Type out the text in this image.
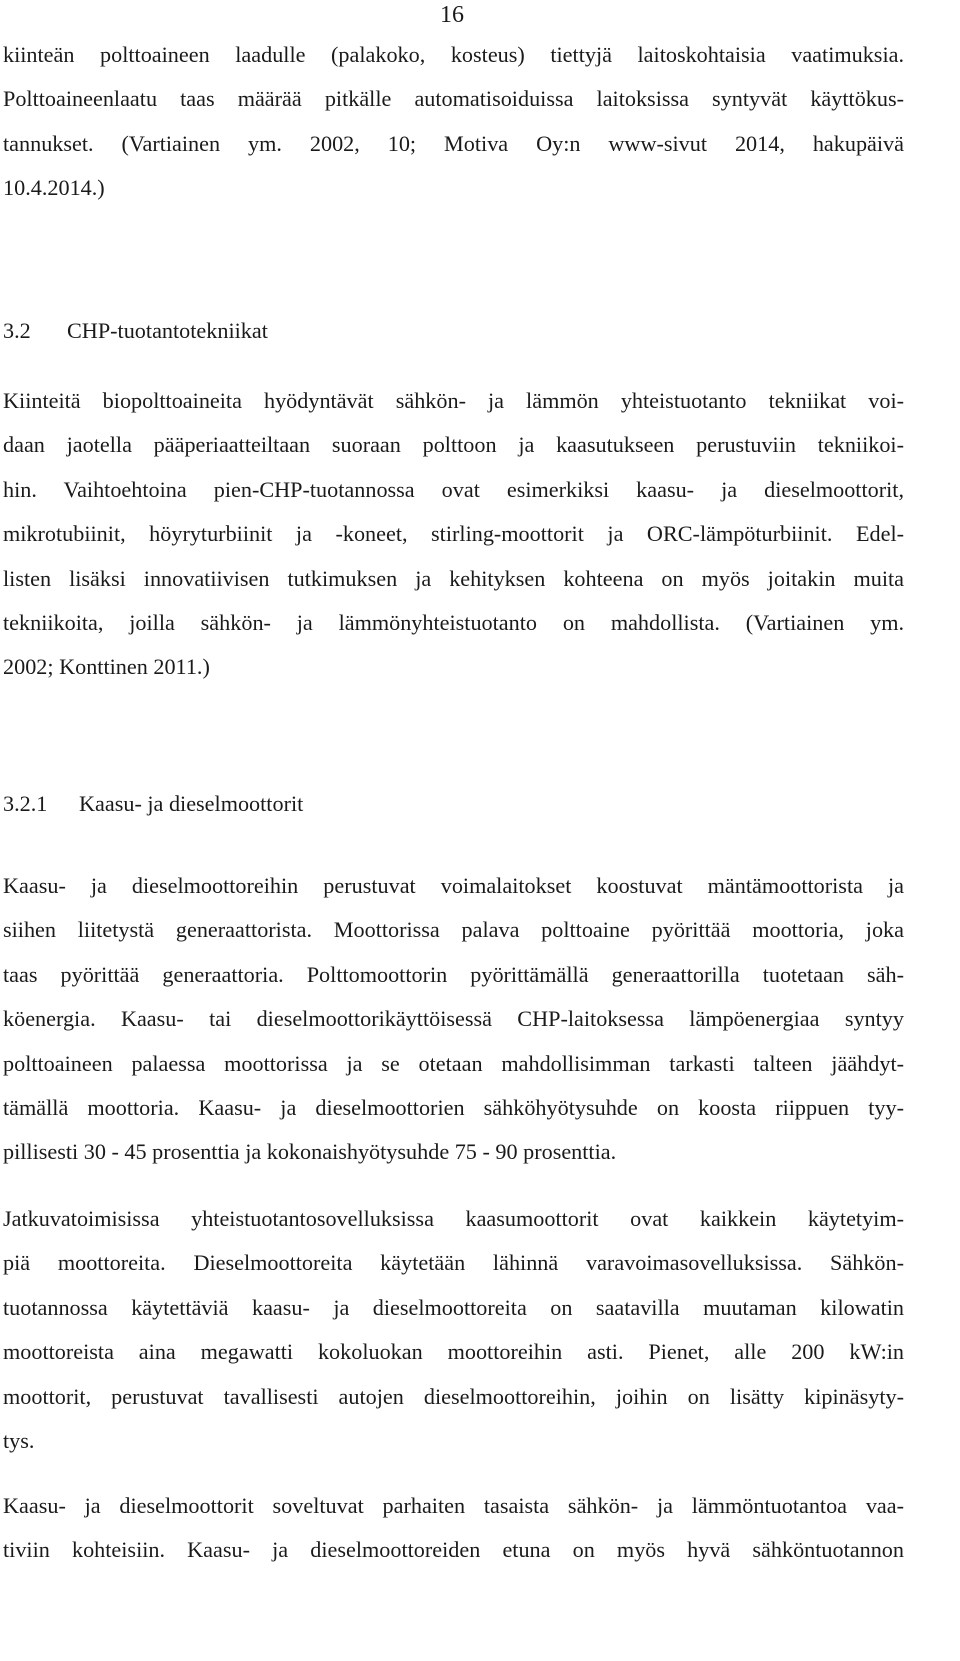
16
kiinteän polttoaineen laadulle (palakoko, kosteus) tiettyjä laitoskohtaisia vaatimuksia.
Polttoaineenlaatu taas määrää pitkälle automatisoiduissa laitoksissa syntyvät käyttökus-
tannukset. (Vartiainen ym. 2002, 10; Motiva Oy:n www-sivut 2014, hakupäivä
10.4.2014.)
3.2 CHP-tuotantotekniikat
Kiinteitä biopolttoaineita hyödyntävät sähkön- ja lämmön yhteistuotanto tekniikat voi-
daan jaotella pääperiaatteiltaan suoraan polttoon ja kaasutukseen perustuviin tekniikoi-
hin. Vaihtoehtoina pien-CHP-tuotannossa ovat esimerkiksi kaasu- ja dieselmoottorit,
mikrotubiinit, höyryturbiinit ja -koneet, stirling-moottorit ja ORC-lämpöturbiinit. Edel-
listen lisäksi innovatiivisen tutkimuksen ja kehityksen kohteena on myös joitakin muita
tekniikoita, joilla sähkön- ja lämmönyhteistuotanto on mahdollista. (Vartiainen ym.
2002; Konttinen 2011.)
3.2.1 Kaasu- ja dieselmoottorit
Kaasu- ja dieselmoottoreihin perustuvat voimalaitokset koostuvat mäntämoottorista ja
siihen liitetystä generaattorista. Moottorissa palava polttoaine pyörittää moottoria, joka
taas pyörittää generaattoria. Polttomoottorin pyörittämällä generaattorilla tuotetaan säh-
köenergia. Kaasu- tai dieselmoottorikäyttöisessä CHP-laitoksessa lämpöenergiaa syntyy
polttoaineen palaessa moottorissa ja se otetaan mahdollisimman tarkasti talteen jäähdyt-
tämällä moottoria. Kaasu- ja dieselmoottorien sähköhyötysuhde on koosta riippuen tyy-
pillisesti 30 - 45 prosenttia ja kokonaishyötysuhde 75 - 90 prosenttia.
Jatkuvatoimisissa yhteistuotantosovelluksissa kaasumoottorit ovat kaikkein käytetyim-
piä moottoreita. Dieselmoottoreita käytetään lähinnä varavoimasovelluksissa. Sähkön-
tuotannossa käytettäviä kaasu- ja dieselmoottoreita on saatavilla muutaman kilowatin
moottoreista aina megawatti kokoluokan moottoreihin asti. Pienet, alle 200 kW:in
moottorit, perustuvat tavallisesti autojen dieselmoottoreihin, joihin on lisätty kipinäsyty-
tys.
Kaasu- ja dieselmoottorit soveltuvat parhaiten tasaista sähkön- ja lämmöntuotantoa vaa-
tiviin kohteisiin. Kaasu- ja dieselmoottoreiden etuna on myös hyvä sähköntuotannon
